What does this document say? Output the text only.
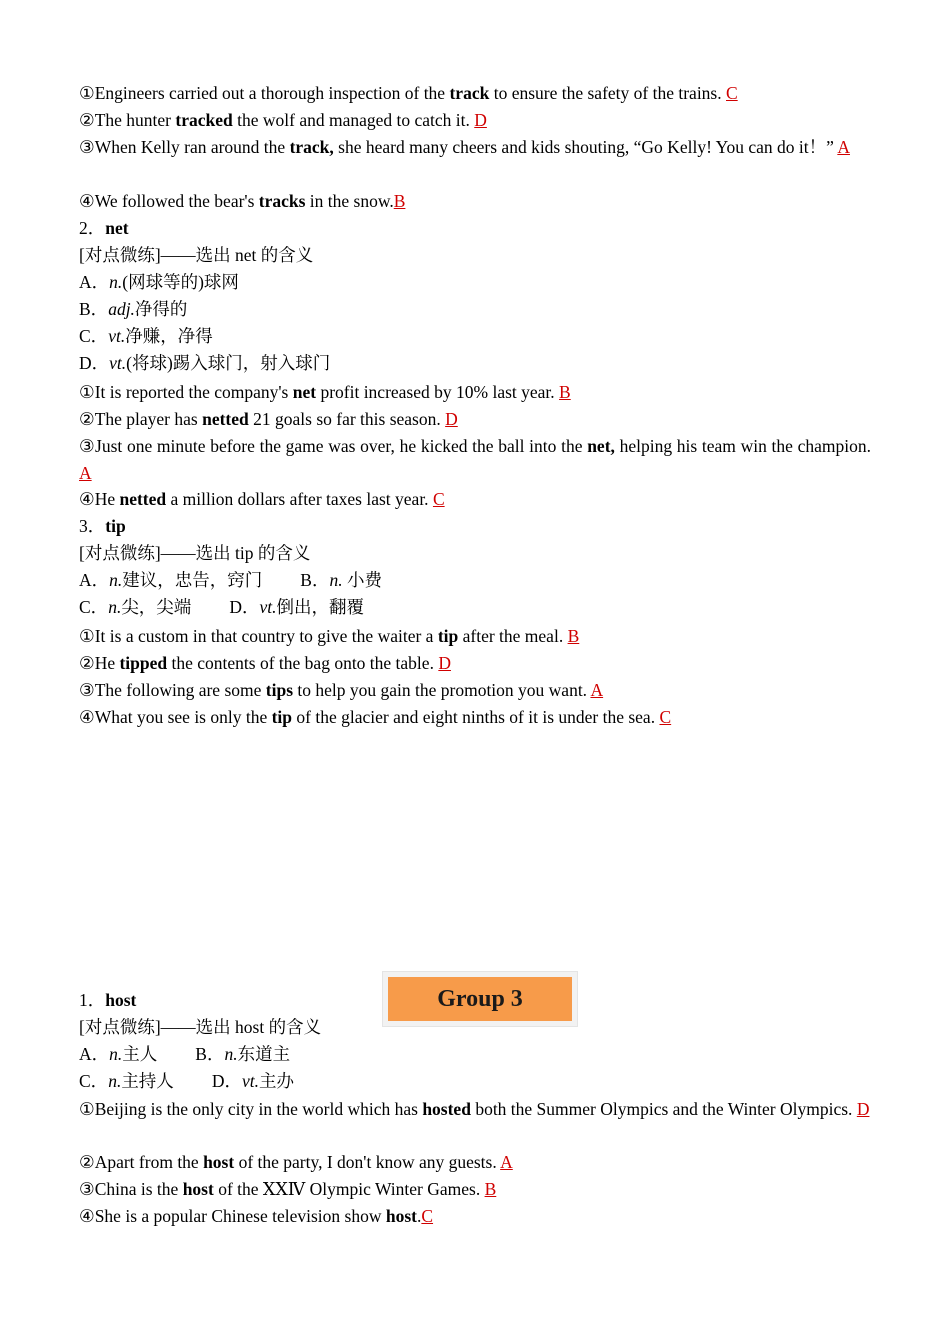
①Engineers carried out a thorough inspection of the track to ensure the safety of the trains. C
②The hunter tracked the wolf and managed to catch it. D
③When Kelly ran around the track, she heard many cheers and kids shouting, “Go Kelly! You can do it！” A
④We followed the bear's tracks in the snow.B
2．net
[对点微练]——选出 net 的含义
A．n.(网球等的)球网
B．adj.净得的
C．vt.净赚，净得
D．vt.(将球)踢入球门，射入球门
①It is reported the company's net profit increased by 10% last year. B
②The player has netted 21 goals so far this season. D
③Just one minute before the game was over, he kicked the ball into the net, helping his team win the champion. A
④He netted a million dollars after taxes last year. C
3．tip
[对点微练]——选出 tip 的含义
A．n.建议，忠告，窍门 B．n. 小费
C．n.尖，尖端 D．vt.倒出，翻覆
①It is a custom in that country to give the waiter a tip after the meal. B
②He tipped the contents of the bag onto the table. D
③The following are some tips to help you gain the promotion you want. A
④What you see is only the tip of the glacier and eight ninths of it is under the sea. C
Group 3
1．host
[对点微练]——选出 host 的含义
A．n.主人 B．n.东道主
C．n.主持人 D．vt.主办
①Beijing is the only city in the world which has hosted both the Summer Olympics and the Winter Olympics. D
②Apart from the host of the party, I don't know any guests. A
③China is the host of the ⅩⅩⅣ Olympic Winter Games. B
④She is a popular Chinese television show host.C
